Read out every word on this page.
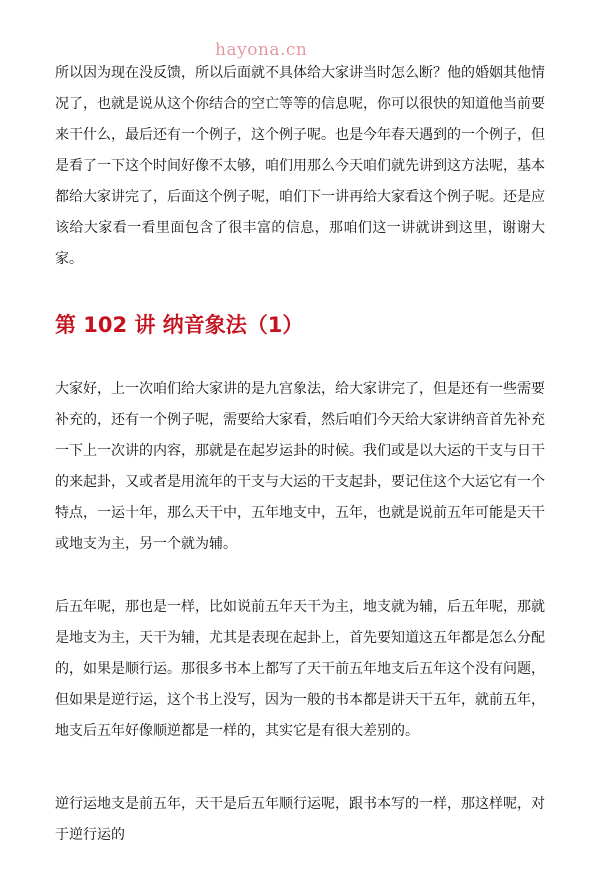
hayona.cn

所以因为现在没反馈，所以后面就不具体给大家讲当时怎么断？他的婚姻其他情况了，也就是说从这个你结合的空亡等等的信息呢，你可以很快的知道他当前要来干什么，最后还有一个例子，这个例子呢。也是今年春天遇到的一个例子，但是看了一下这个时间好像不太够，咱们用那么今天咱们就先讲到这方法呢，基本都给大家讲完了，后面这个例子呢，咱们下一讲再给大家看这个例子呢。还是应该给大家看一看里面包含了很丰富的信息，那咱们这一讲就讲到这里，谢谢大家。

第 102 讲 纳音象法（1）

大家好，上一次咱们给大家讲的是九宫象法，给大家讲完了，但是还有一些需要补充的，还有一个例子呢，需要给大家看，然后咱们今天给大家讲纳音首先补充一下上一次讲的内容，那就是在起岁运卦的时候。我们或是以大运的干支与日干的来起卦，又或者是用流年的干支与大运的干支起卦，要记住这个大运它有一个特点，一运十年，那么天干中，五年地支中，五年，也就是说前五年可能是天干或地支为主，另一个就为辅。

后五年呢，那也是一样，比如说前五年天干为主，地支就为辅，后五年呢，那就是地支为主，天干为辅，尤其是表现在起卦上，首先要知道这五年都是怎么分配的，如果是顺行运。那很多书本上都写了天干前五年地支后五年这个没有问题，但如果是逆行运，这个书上没写，因为一般的书本都是讲天干五年，就前五年，地支后五年好像顺逆都是一样的，其实它是有很大差别的。

逆行运地支是前五年，天干是后五年顺行运呢，跟书本写的一样，那这样呢，对于逆行运的
